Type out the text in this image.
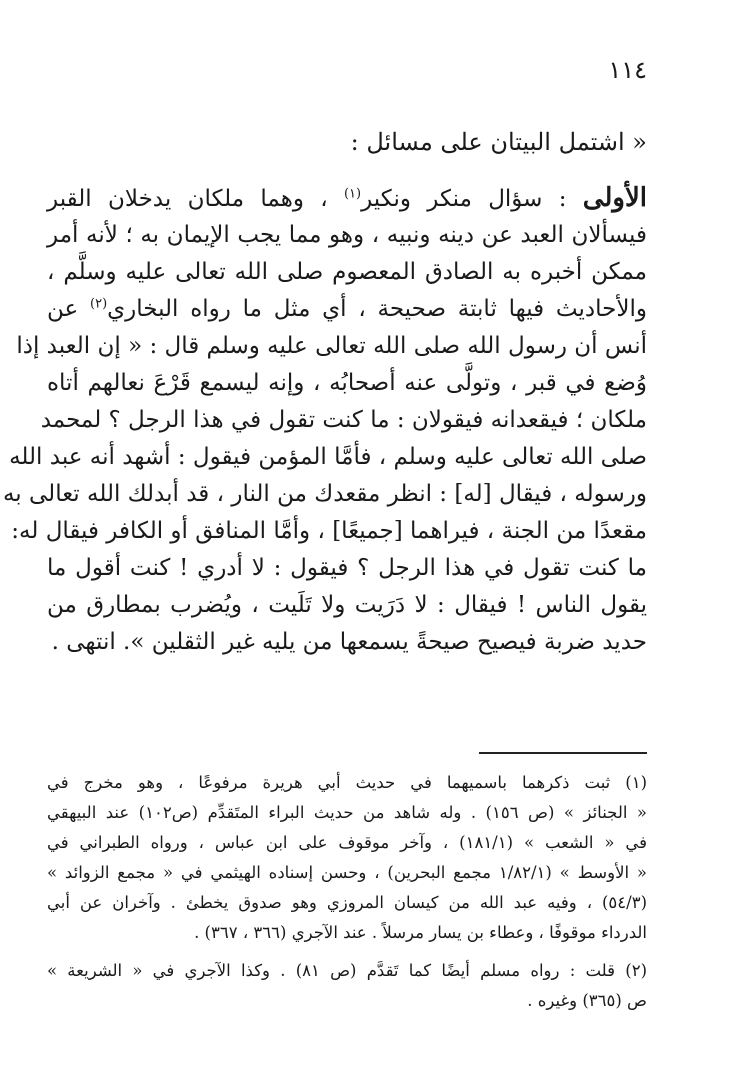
١١٤
« اشتمل البيتان على مسائل :
الأولى : سؤال منكر ونكير$^{(١)}$ ، وهما ملكان يدخلان القبر
فيسألان العبد عن دينه ونبيه ، وهو مما يجب الإيمان به ؛ لأنه أمر
ممكن أخبره به الصادق المعصوم صلى الله تعالى عليه وسلَّم ،
والأحاديث فيها ثابتة صحيحة ، أي مثل ما رواه البخاري$^{(٢)}$ عن
أنس أن رسول الله صلى الله تعالى عليه وسلم قال : « إن العبد إذا
وُضع في قبر ، وتولَّى عنه أصحابُه ، وإنه ليسمع قَرْعَ نعالهم أتاه
ملكان ؛ فيقعدانه فيقولان : ما كنت تقول في هذا الرجل ؟ لمحمد
صلى الله تعالى عليه وسلم ، فأمَّا المؤمن فيقول : أشهد أنه عبد الله
ورسوله ، فيقال [له] : انظر مقعدك من النار ، قد أبدلك الله تعالى به
مقعدًا من الجنة ، فيراهما [جميعًا] ، وأمَّا المنافق أو الكافر فيقال له:
ما كنت تقول في هذا الرجل ؟ فيقول : لا أدري ! كنت أقول ما
يقول الناس ! فيقال : لا دَرَيت ولا تَلَيت ، ويُضرب بمطارق من
حديد ضربة فيصيح صيحةً يسمعها من يليه غير الثقلين ». انتهى .
(١) ثبت ذكرهما باسميهما في حديث أبي هريرة مرفوعًا ، وهو مخرج في
« الجنائز » (ص ١٥٦) . وله شاهد من حديث البراء المتَقدِّم (ص١٠٢) عند البيهقي
في « الشعب » (١٨١/١) ، وآخر موقوف على ابن عباس ، ورواه الطبراني في
« الأوسط » (١/٨٢/١ مجمع البحرين) ، وحسن إسناده الهيثمي في « مجمع الزوائد »
(٥٤/٣) ، وفيه عبد الله من كيسان المروزي وهو صدوق يخطئ . وآخران عن أبي
الدرداء موقوفًا ، وعطاء بن يسار مرسلاً . عند الآجري (٣٦٦ ، ٣٦٧) .
(٢) قلت : رواه مسلم أيضًا كما تَقدَّم (ص ٨١) . وكذا الآجري في « الشريعة »
ص (٣٦٥) وغيره .
